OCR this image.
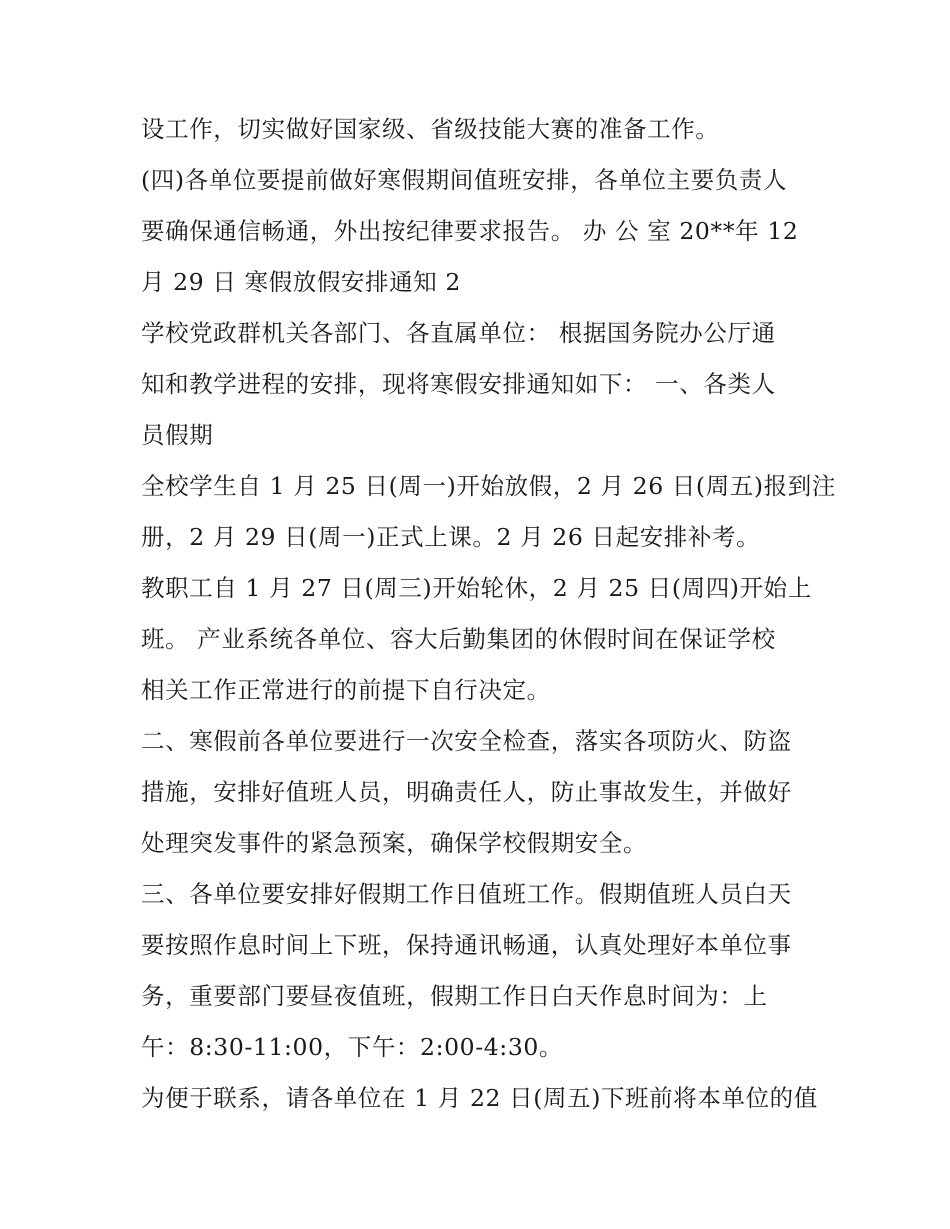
设工作，切实做好国家级、省级技能大赛的准备工作。
(四)各单位要提前做好寒假期间值班安排，各单位主要负责人
要确保通信畅通，外出按纪律要求报告。 办 公 室 20**年 12
月 29 日 寒假放假安排通知 2
学校党政群机关各部门、各直属单位： 根据国务院办公厅通
知和教学进程的安排，现将寒假安排通知如下： 一、各类人
员假期
全校学生自 1 月 25 日(周一)开始放假，2 月 26 日(周五)报到注
册，2 月 29 日(周一)正式上课。2 月 26 日起安排补考。
教职工自 1 月 27 日(周三)开始轮休，2 月 25 日(周四)开始上
班。 产业系统各单位、容大后勤集团的休假时间在保证学校
相关工作正常进行的前提下自行决定。
二、寒假前各单位要进行一次安全检查，落实各项防火、防盗
措施，安排好值班人员，明确责任人，防止事故发生，并做好
处理突发事件的紧急预案，确保学校假期安全。
三、各单位要安排好假期工作日值班工作。假期值班人员白天
要按照作息时间上下班，保持通讯畅通，认真处理好本单位事
务，重要部门要昼夜值班，假期工作日白天作息时间为：上
午：8:30-11:00，下午：2:00-4:30。
为便于联系，请各单位在 1 月 22 日(周五)下班前将本单位的值
